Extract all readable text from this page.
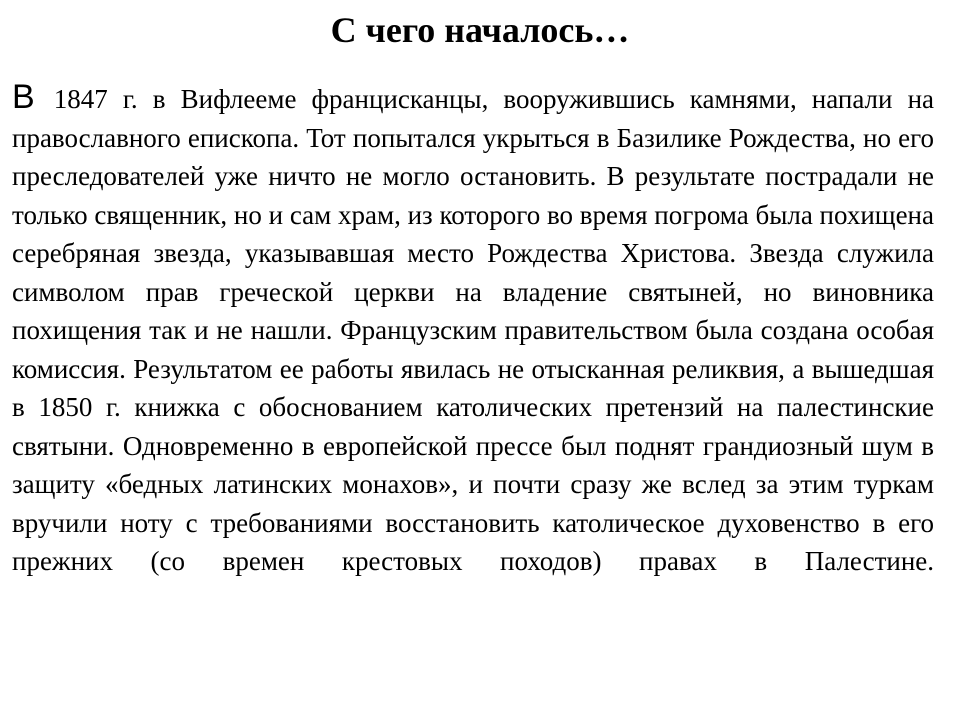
С чего началось…

В 1847 г. в Вифлееме францисканцы, вооружившись камнями, напали на православного епископа. Тот попытался укрыться в Базилике Рождества, но его преследователей уже ничто не могло остановить. В результате пострадали не только священник, но и сам храм, из которого во время погрома была похищена серебряная звезда, указывавшая место Рождества Христова. Звезда служила символом прав греческой церкви на владение святыней, но виновника похищения так и не нашли. Французским правительством была создана особая комиссия. Результатом ее работы явилась не отысканная реликвия, а вышедшая в 1850 г. книжка с обоснованием католических претензий на палестинские святыни. Одновременно в европейской прессе был поднят грандиозный шум в защиту «бедных латинских монахов», и почти сразу же вслед за этим туркам вручили ноту с требованиями восстановить католическое духовенство в его прежних (со времен крестовых походов) правах в Палестине.
